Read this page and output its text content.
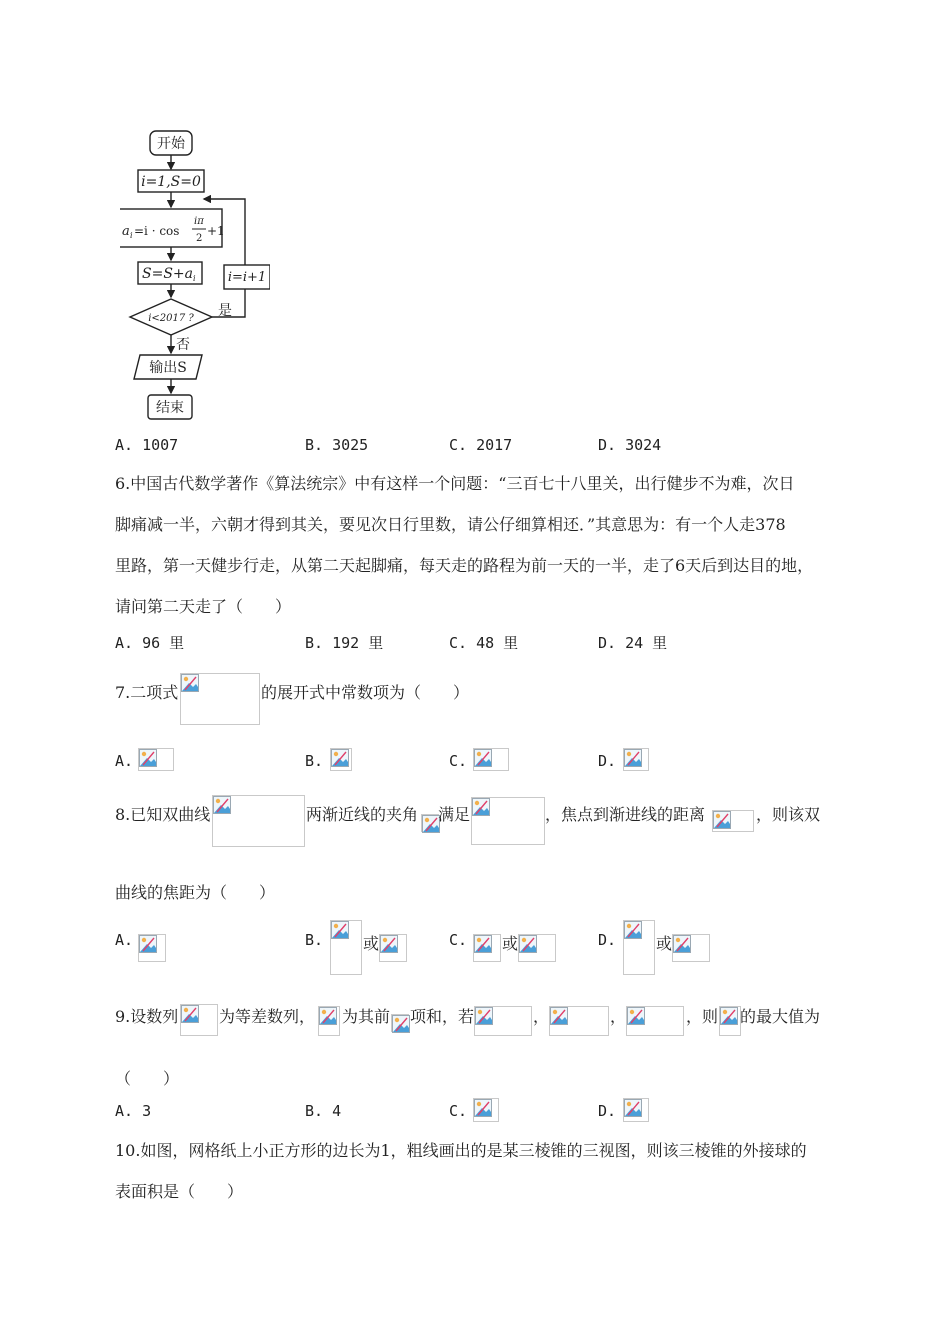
开始
i=1,S=0
a i =i · cos
iπ
2
+1
S=S+a i
i<2017 ?
i=i+1
是
否
输出S
结束
A. 1007	B. 3025	C. 2017	D. 3024
6.中国古代数学著作《算法统宗》中有这样一个问题：“三百七十八里关，出行健步不为难，次日
脚痛减一半，六朝才得到其关，要见次日行里数，请公仔细算相还．”其意思为：有一个人走378
里路，第一天健步行走，从第二天起脚痛，每天走的路程为前一天的一半，走了6天后到达目的地，
请问第二天走了（　　）
A. 96 里	B. 192 里	C. 48 里	D. 24 里
7.二项式	的展开式中常数项为（　　）
A.	B.	C.	D.
8.已知双曲线	两渐近线的夹角 满足	，焦点到渐进线的距离	，则该双
曲线的焦距为（　　）
A.	B. 或	C. 或	D. 或
9.设数列	为等差数列， 为其前 项和，若	，	，	，则 的最大值为
（　　）
A. 3	B. 4	C.	D.
10.如图，网格纸上小正方形的边长为1，粗线画出的是某三棱锥的三视图，则该三棱锥的外接球的
表面积是（　　）
